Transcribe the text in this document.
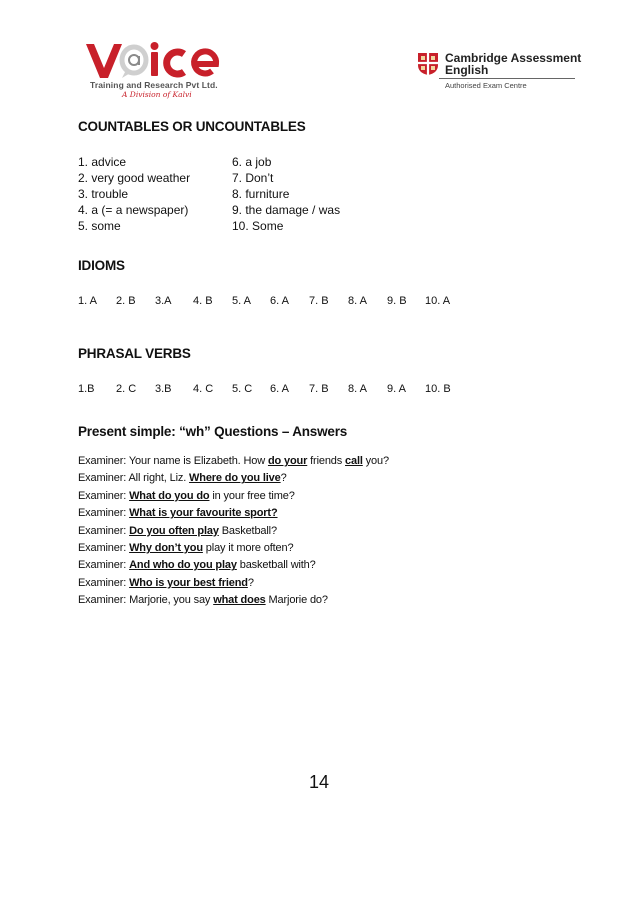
Training and Research Pvt Ltd.
A Division of Kalvi
Cambridge Assessment
English
Authorised Exam Centre
COUNTABLES OR UNCOUNTABLES
1. advice
2. very good weather
3. trouble
4. a (= a newspaper)
5. some
6. a job
7. Don’t
8. furniture
9. the damage / was
10. Some
IDIOMS
1. A 2. B 3.A 4. B 5. A 6. A 7. B 8. A 9. B 10. A
PHRASAL VERBS
1.B 2. C 3.B 4. C 5. C 6. A 7. B 8. A 9. A 10. B
Present simple: “wh” Questions – Answers
Examiner: Your name is Elizabeth. How do your friends call you?
Examiner: All right, Liz. Where do you live?
Examiner: What do you do in your free time?
Examiner: What is your favourite sport?
Examiner: Do you often play Basketball?
Examiner: Why don’t you play it more often?
Examiner: And who do you play basketball with?
Examiner: Who is your best friend?
Examiner: Marjorie, you say what does Marjorie do?
14
